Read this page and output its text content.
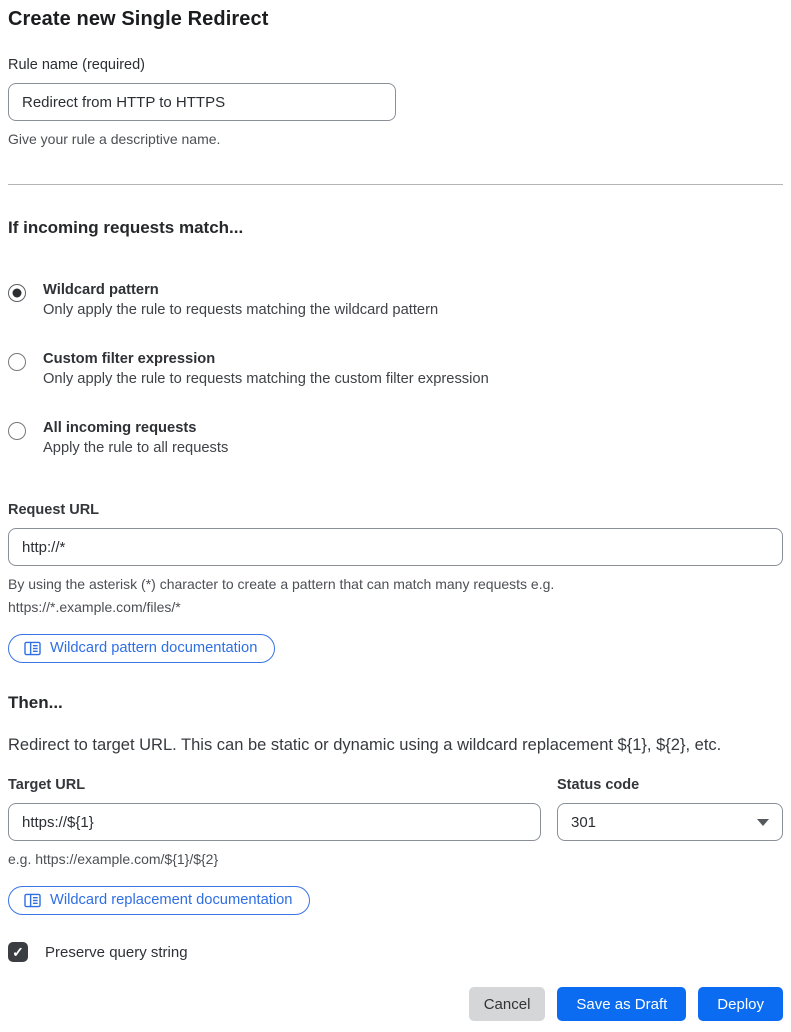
Create new Single Redirect
Rule name (required)
Redirect from HTTP to HTTPS
Give your rule a descriptive name.
If incoming requests match...
Wildcard pattern
Only apply the rule to requests matching the wildcard pattern
Custom filter expression
Only apply the rule to requests matching the custom filter expression
All incoming requests
Apply the rule to all requests
Request URL
http://*
By using the asterisk (*) character to create a pattern that can match many requests e.g.
https://*.example.com/files/*
Wildcard pattern documentation
Then...

Redirect to target URL. This can be static or dynamic using a wildcard replacement ${1}, ${2}, etc.

Target URL
https://${1}
e.g. https://example.com/${1}/${2}
Status code
301
Wildcard replacement documentation
✓ Preserve query string
Cancel	Save as Draft	Deploy
